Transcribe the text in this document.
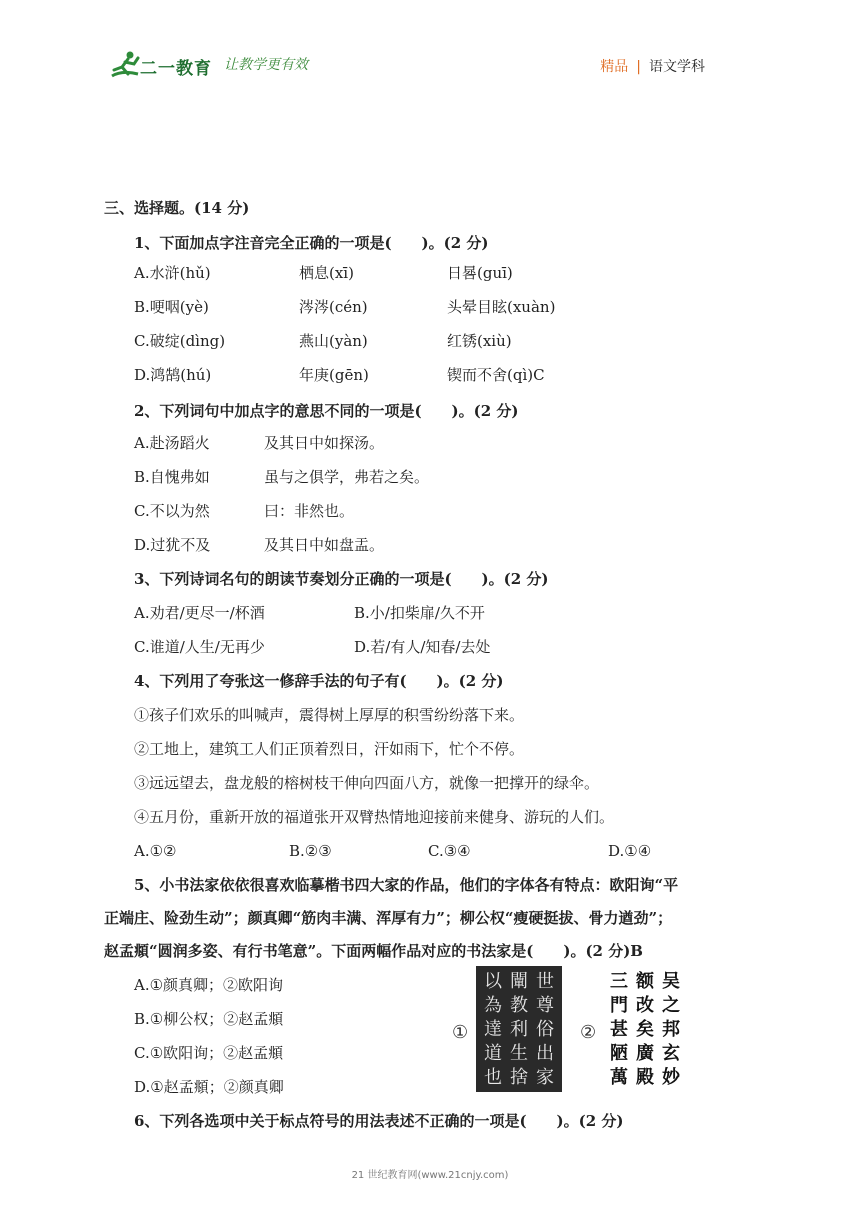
二一教育 让教学更有效	精品 | 语文学科
三、选择题。(14 分)
1、下面加点字注音完全正确的一项是(　　)。(2 分)
A.水浒(hǔ)	栖息(xī)	日晷(guī)
B.哽咽(yè)	涔涔(cén)	头晕目眩(xuàn)
C.破绽(dìng)	燕山(yàn)	红锈(xiù)
D.鸿鹄(hú)	年庚(gēn)	锲而不舍(qì)C
2、下列词句中加点字的意思不同的一项是(　　)。(2 分)
A.赴汤蹈火	及其日中如探汤。
B.自愧弗如	虽与之俱学，弗若之矣。
C.不以为然	曰：非然也。
D.过犹不及	及其日中如盘盂。
3、下列诗词名句的朗读节奏划分正确的一项是(　　)。(2 分)
A.劝君/更尽一/杯酒	B.小/扣柴扉/久不开
C.谁道/人生/无再少	D.若/有人/知春/去处
4、下列用了夸张这一修辞手法的句子有(　　)。(2 分)
①孩子们欢乐的叫喊声，震得树上厚厚的积雪纷纷落下来。
②工地上，建筑工人们正顶着烈日，汗如雨下，忙个不停。
③远远望去，盘龙般的榕树枝干伸向四面八方，就像一把撑开的绿伞。
④五月份，重新开放的福道张开双臂热情地迎接前来健身、游玩的人们。
A.①②	B.②③	C.③④	D.①④
5、小书法家依依很喜欢临摹楷书四大家的作品，他们的字体各有特点：欧阳询“平
正端庄、险劲生动”；颜真卿“筋肉丰满、浑厚有力”；柳公权“瘦硬挺拔、骨力遒劲”；
赵孟頫“圆润多姿、有行书笔意”。下面两幅作品对应的书法家是(　　)。(2 分)B
A.①颜真卿；②欧阳询
B.①柳公权；②赵孟頫
C.①欧阳询；②赵孟頫
D.①赵孟頫；②颜真卿
①
世尊俗出家
闡教利生捨
以為達道也
②
吴之邦玄妙
额改矣廣殿
三門甚陋萬
6、下列各选项中关于标点符号的用法表述不正确的一项是(　　)。(2 分)
21 世纪教育网(www.21cnjy.com)
